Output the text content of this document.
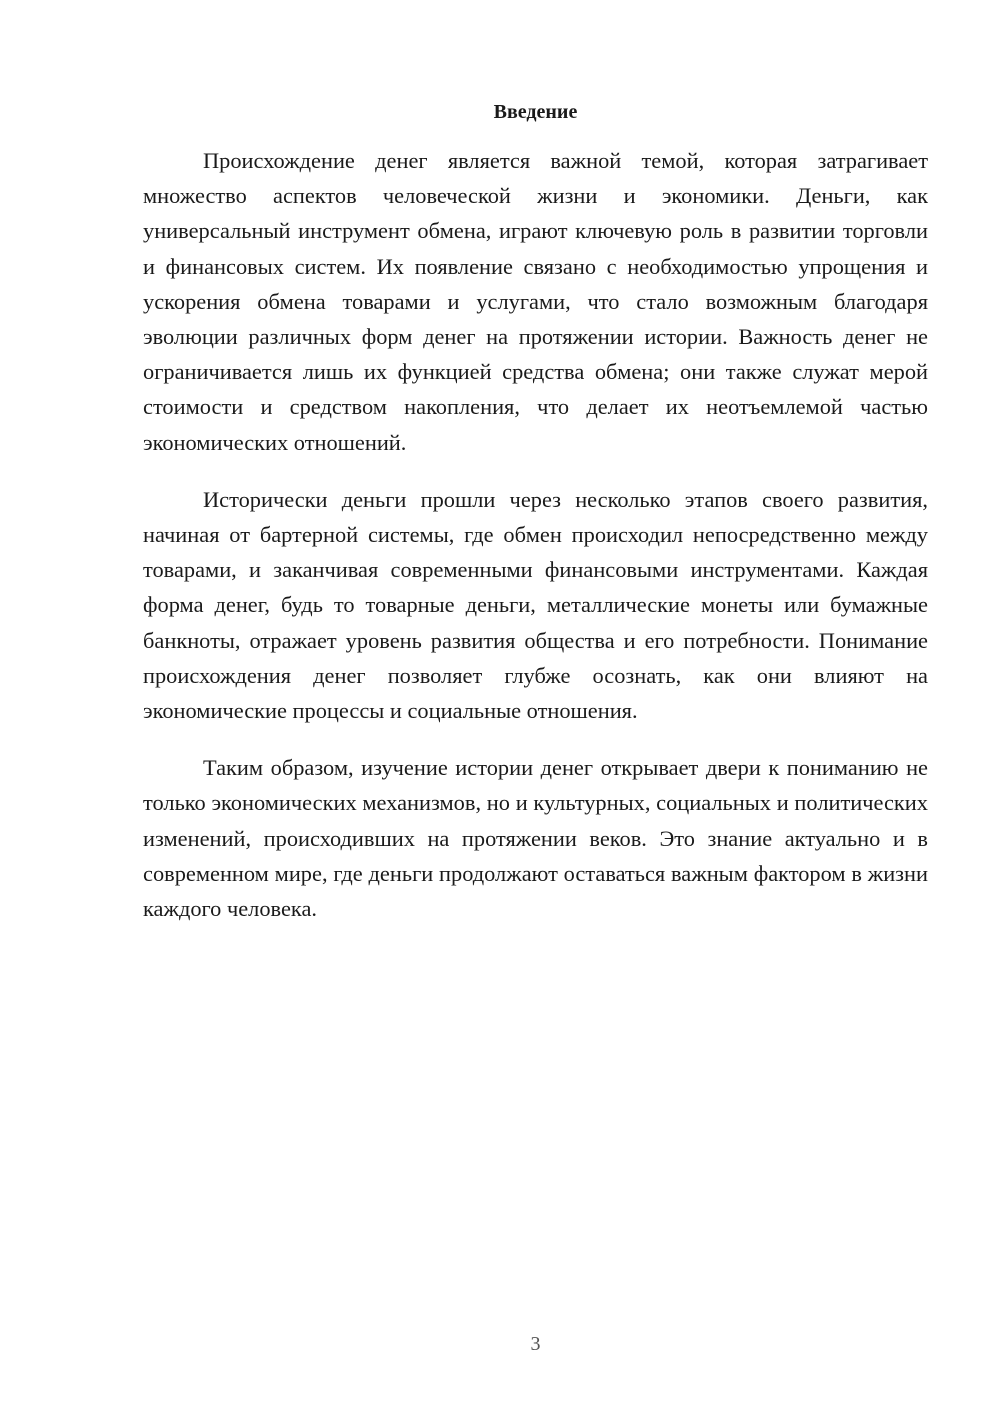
Введение

Происхождение денег является важной темой, которая затрагивает множество аспектов человеческой жизни и экономики. Деньги, как универсальный инструмент обмена, играют ключевую роль в развитии торговли и финансовых систем. Их появление связано с необходимостью упрощения и ускорения обмена товарами и услугами, что стало возможным благодаря эволюции различных форм денег на протяжении истории. Важность денег не ограничивается лишь их функцией средства обмена; они также служат мерой стоимости и средством накопления, что делает их неотъемлемой частью экономических отношений.

Исторически деньги прошли через несколько этапов своего развития, начиная от бартерной системы, где обмен происходил непосредственно между товарами, и заканчивая современными финансовыми инструментами. Каждая форма денег, будь то товарные деньги, металлические монеты или бумажные банкноты, отражает уровень развития общества и его потребности. Понимание происхождения денег позволяет глубже осознать, как они влияют на экономические процессы и социальные отношения.

Таким образом, изучение истории денег открывает двери к пониманию не только экономических механизмов, но и культурных, социальных и политических изменений, происходивших на протяжении веков. Это знание актуально и в современном мире, где деньги продолжают оставаться важным фактором в жизни каждого человека.

3
